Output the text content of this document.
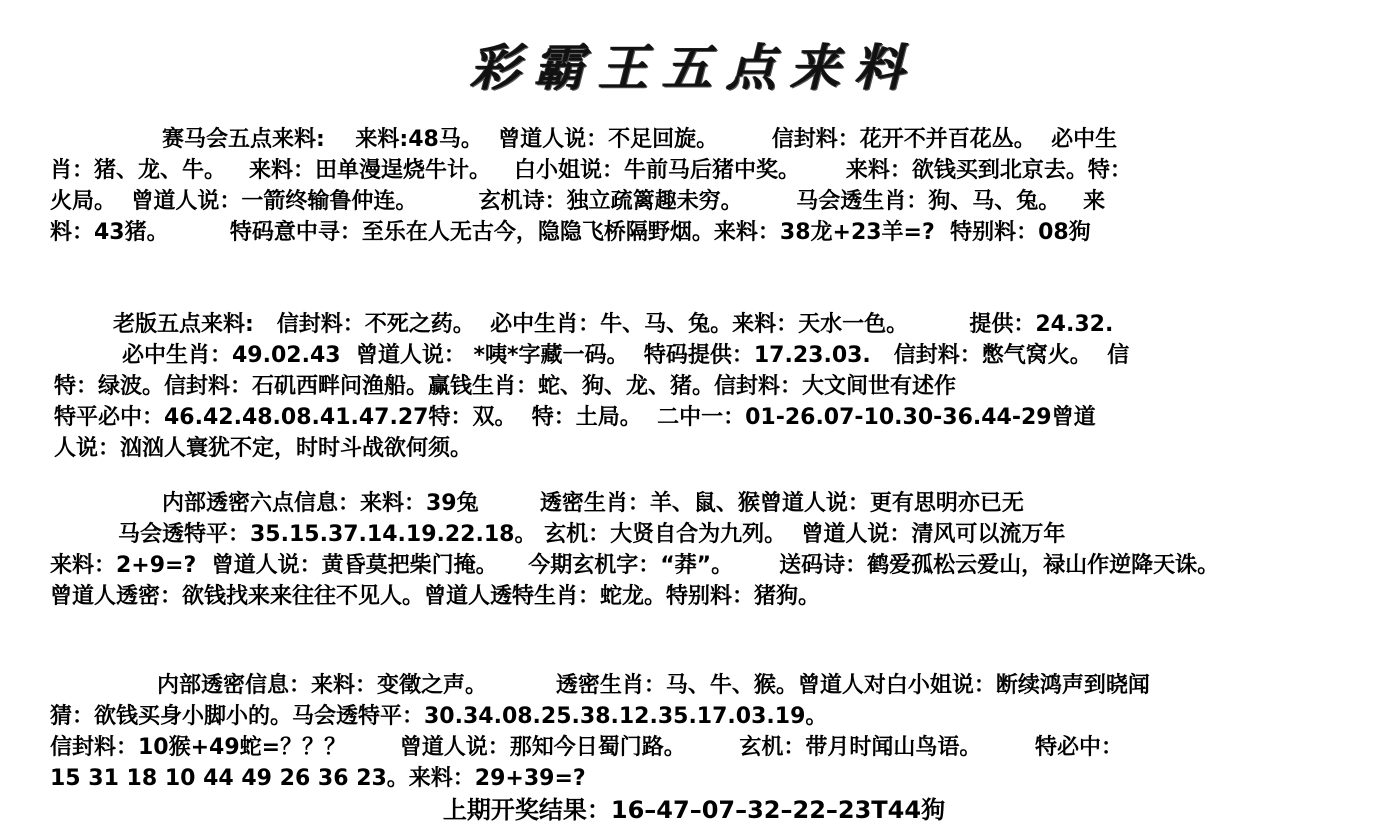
彩霸王五点来料
赛马会五点来料:    来料:48马。  曾道人说：不足回旋。       信封料：花开不并百花丛。  必中生
肖：猪、龙、牛。   来料：田单漫逞烧牛计。   白小姐说：牛前马后猪中奖。      来料：欲钱买到北京去。特：
火局。  曾道人说：一箭终输鲁仲连。        玄机诗：独立疏篱趣未穷。       马会透生肖：狗、马、兔。   来
料：43猪。        特码意中寻：至乐在人无古今，隐隐飞桥隔野烟。来料：38龙+23羊=?  特别料：08狗
老版五点来料:   信封料：不死之药。  必中生肖：牛、马、兔。来料：天水一色。        提供：24.32.
必中生肖：49.02.43  曾道人说： *咦*字藏一码。  特码提供：17.23.03.   信封料：憋气窝火。  信
特：绿波。信封料：石矶西畔问渔船。赢钱生肖：蛇、狗、龙、猪。信封料：大文间世有述作
特平必中：46.42.48.08.41.47.27特：双。  特：土局。  二中一：01-26.07-10.30-36.44-29曾道
人说：汹汹人寰犹不定，时时斗战欲何须。
内部透密六点信息：来料：39兔        透密生肖：羊、鼠、猴曾道人说：更有思明亦已无
马会透特平：35.15.37.14.19.22.18。 玄机：大贤自合为九列。  曾道人说：清风可以流万年
来料：2+9=?  曾道人说：黄昏莫把柴门掩。    今期玄机字：“莽”。      送码诗：鹤爱孤松云爱山，禄山作逆降天诛。
曾道人透密：欲钱找来来往往不见人。曾道人透特生肖：蛇龙。特别料：猪狗。
内部透密信息：来料：变徵之声。         透密生肖：马、牛、猴。曾道人对白小姐说：断续鸿声到晓闻
猜：欲钱买身小脚小的。马会透特平：30.34.08.25.38.12.35.17.03.19。
信封料：10猴+49蛇=？？？       曾道人说：那知今日蜀门路。       玄机：带月时闻山鸟语。       特必中：
15 31 18 10 44 49 26 36 23。来料：29+39=?
上期开奖结果：16–47–07–32–22–23T44狗
